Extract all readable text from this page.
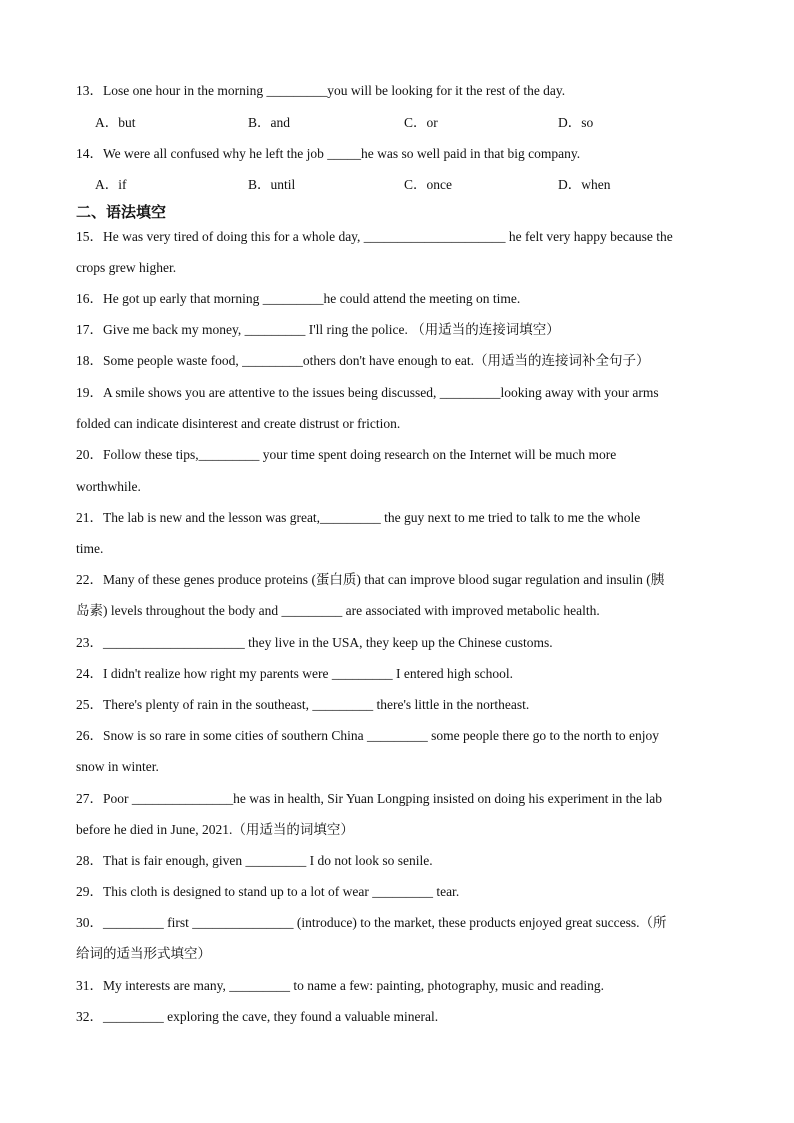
13．Lose one hour in the morning _________you will be looking for it the rest of the day.
A．but	B．and	C．or	D．so
14．We were all confused why he left the job _____he was so well paid in that big company.
A．if	B．until	C．once	D．when
二、语法填空
15．He was very tired of doing this for a whole day, _____________________ he felt very happy because the
crops grew higher.
16．He got up early that morning _________he could attend the meeting on time.
17．Give me back my money, _________ I'll ring the police. （用适当的连接词填空）
18．Some people waste food, _________others don't have enough to eat.（用适当的连接词补全句子）
19．A smile shows you are attentive to the issues being discussed, _________looking away with your arms
folded can indicate disinterest and create distrust or friction.
20．Follow these tips,_________ your time spent doing research on the Internet will be much more
worthwhile.
21．The lab is new and the lesson was great,_________ the guy next to me tried to talk to me the whole
time.
22．Many of these genes produce proteins (蛋白质) that can improve blood sugar regulation and insulin (胰
岛素) levels throughout the body and _________ are associated with improved metabolic health.
23．_____________________ they live in the USA, they keep up the Chinese customs.
24．I didn't realize how right my parents were _________ I entered high school.
25．There's plenty of rain in the southeast, _________ there's little in the northeast.
26．Snow is so rare in some cities of southern China _________ some people there go to the north to enjoy
snow in winter.
27．Poor _______________he was in health, Sir Yuan Longping insisted on doing his experiment in the lab
before he died in June, 2021.（用适当的词填空）
28．That is fair enough, given _________ I do not look so senile.
29．This cloth is designed to stand up to a lot of wear _________ tear.
30．_________ first _______________ (introduce) to the market, these products enjoyed great success.（所
给词的适当形式填空）
31．My interests are many, _________ to name a few: painting, photography, music and reading.
32．_________ exploring the cave, they found a valuable mineral.
